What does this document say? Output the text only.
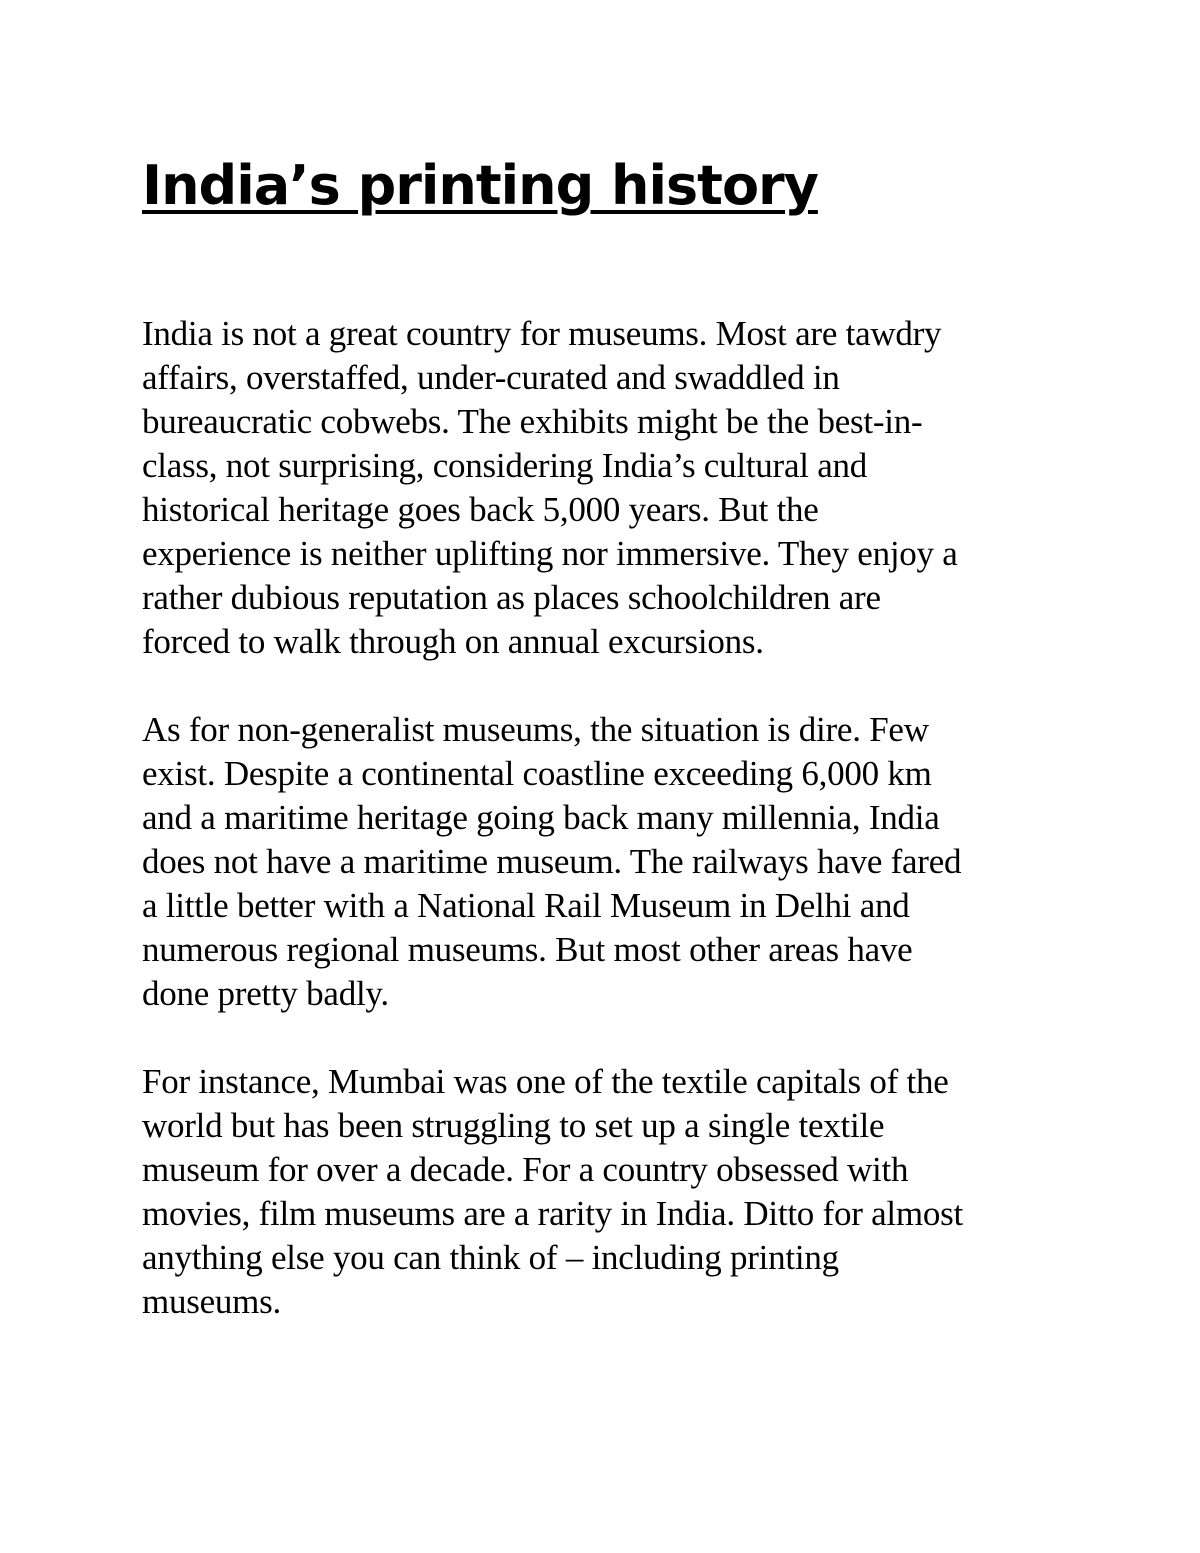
India’s printing history

India is not a great country for museums. Most are tawdry
affairs, overstaffed, under-curated and swaddled in
bureaucratic cobwebs. The exhibits might be the best-in-
class, not surprising, considering India’s cultural and
historical heritage goes back 5,000 years. But the
experience is neither uplifting nor immersive. They enjoy a
rather dubious reputation as places schoolchildren are
forced to walk through on annual excursions.

As for non-generalist museums, the situation is dire. Few
exist. Despite a continental coastline exceeding 6,000 km
and a maritime heritage going back many millennia, India
does not have a maritime museum. The railways have fared
a little better with a National Rail Museum in Delhi and
numerous regional museums. But most other areas have
done pretty badly.

For instance, Mumbai was one of the textile capitals of the
world but has been struggling to set up a single textile
museum for over a decade. For a country obsessed with
movies, film museums are a rarity in India. Ditto for almost
anything else you can think of – including printing
museums.
